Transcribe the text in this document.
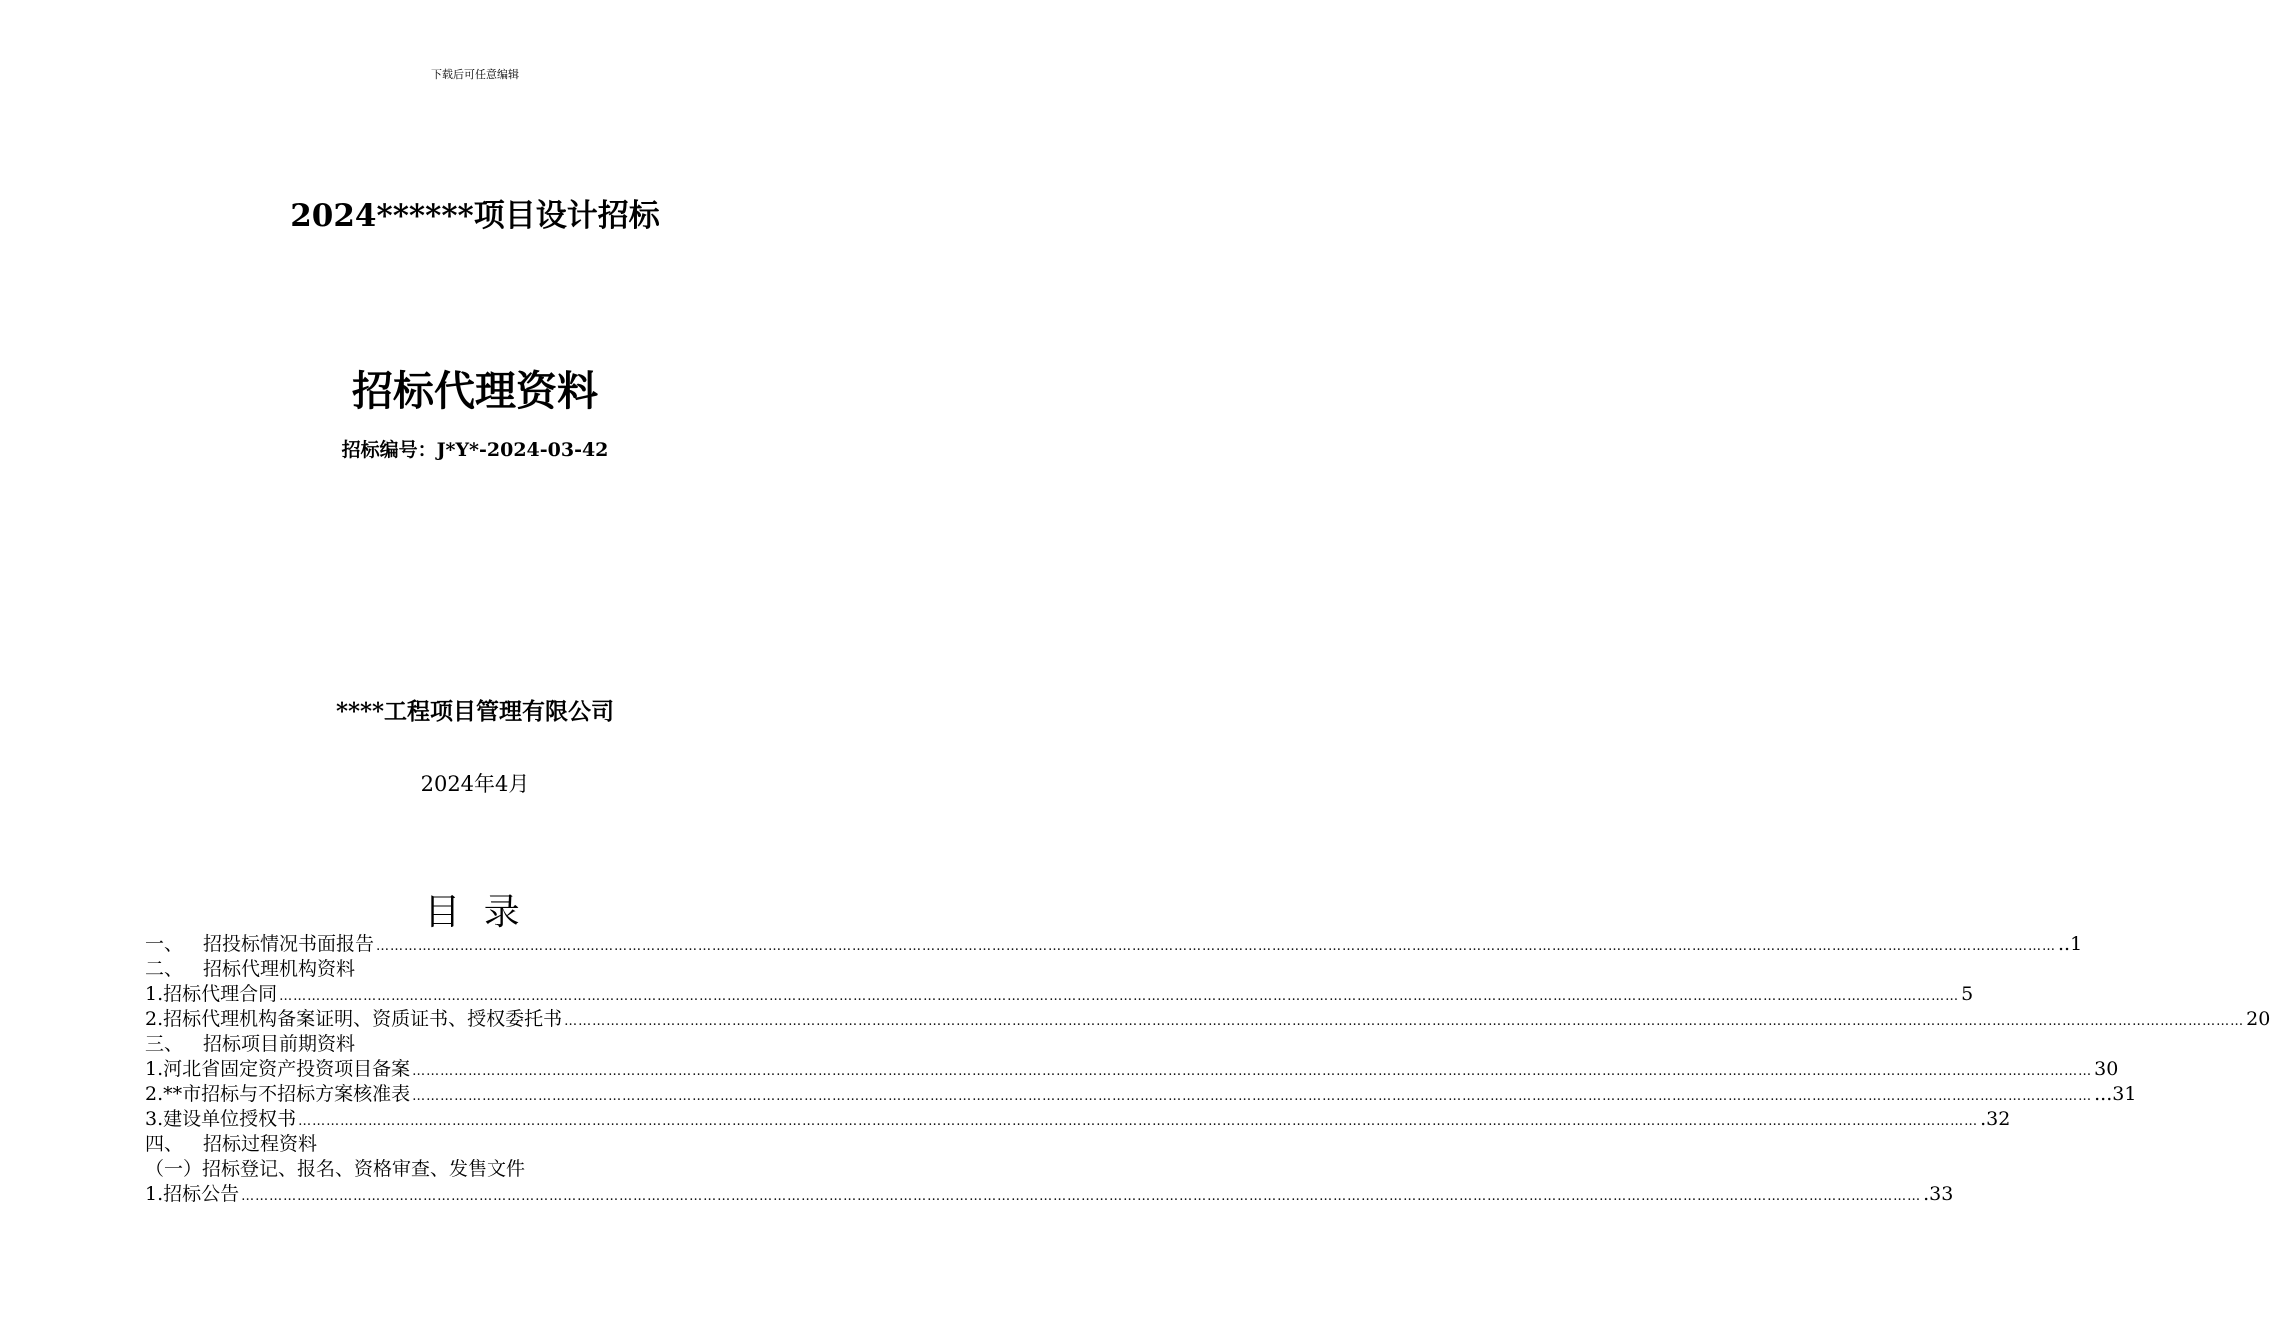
下载后可任意编辑
2024******项目设计招标
招标代理资料
招标编号：J*Y*-2024-03-42
****工程项目管理有限公司
2024年4月
目 录
一、 招投标情况书面报告 ……………………………………………………………………………………………………………………………………………………………………………………………………………………………………………………………………………………………………………………………… ..1
二、 招标代理机构资料
1.招标代理合同 ……………………………………………………………………………………………………………………………………………………………………………………………………………………………………………………………………………………………………………………………… 5
2.招标代理机构备案证明、资质证书、授权委托书 ……………………………………………………………………………………………………………………………………………………………………………………………………………………………………………………………………………………………………………………………… 20
三、 招标项目前期资料
1.河北省固定资产投资项目备案 ……………………………………………………………………………………………………………………………………………………………………………………………………………………………………………………………………………………………………………………………… 30
2.**市招标与不招标方案核准表 ……………………………………………………………………………………………………………………………………………………………………………………………………………………………………………………………………………………………………………………………… ...31
3.建设单位授权书 ……………………………………………………………………………………………………………………………………………………………………………………………………………………………………………………………………………………………………………………………… .32
四、 招标过程资料
（一）招标登记、报名、资格审查、发售文件
1.招标公告 ……………………………………………………………………………………………………………………………………………………………………………………………………………………………………………………………………………………………………………………………… .33
